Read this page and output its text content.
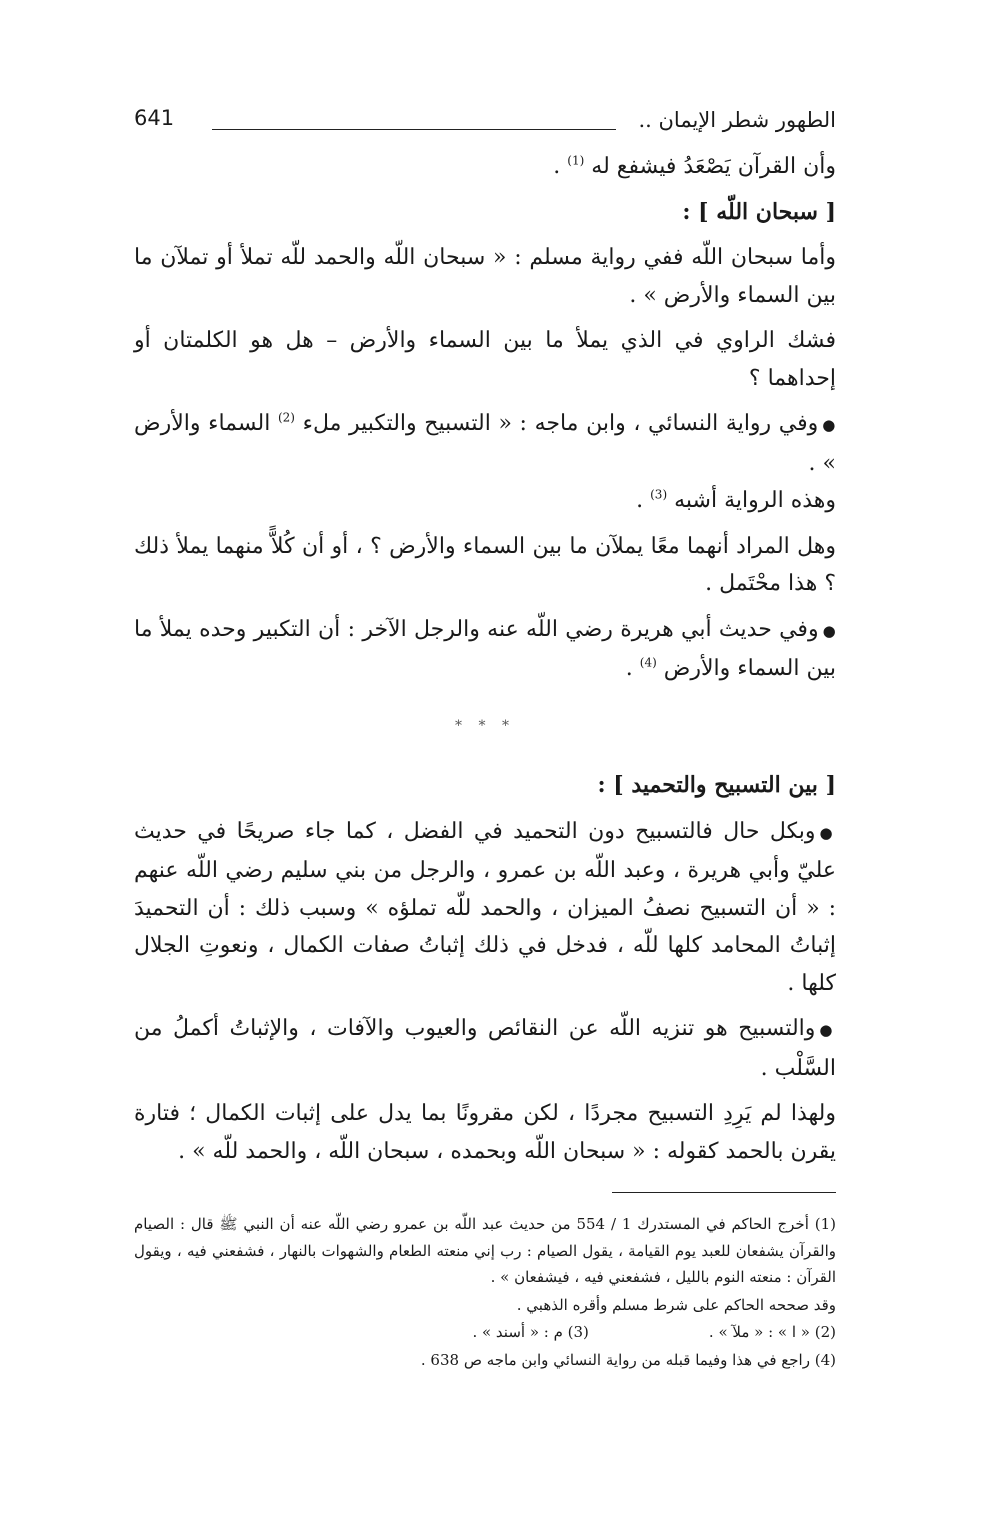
الطهور شطر الإيمان ..
641

وأن القرآن يَصْعَدُ فيشفع له $^{(1)}$ .

[ سبحان اللّه ] :

وأما سبحان اللّه ففي رواية مسلم : « سبحان اللّه والحمد للّه تملأ أو تملآن ما بين السماء والأرض » .

فشك الراوي في الذي يملأ ما بين السماء والأرض – هل هو الكلمتان أو إحداهما ؟

●وفي رواية النسائي ، وابن ماجه : « التسبيح والتكبير ملء $^{(2)}$ السماء والأرض » .

وهذه الرواية أشبه $^{(3)}$ .

وهل المراد أنهما معًا يملآن ما بين السماء والأرض ؟ ، أو أن كُلاًّ منهما يملأ ذلك ؟ هذا محْتَمل .

●وفي حديث أبي هريرة رضي اللّه عنه والرجل الآخر : أن التكبير وحده يملأ ما بين السماء والأرض $^{(4)}$ .

* * *

[ بين التسبيح والتحميد ] :

●وبكل حال فالتسبيح دون التحميد في الفضل ، كما جاء صريحًا في حديث عليّ وأبي هريرة ، وعبد اللّه بن عمرو ، والرجل من بني سليم رضي اللّه عنهم : « أن التسبيح نصفُ الميزان ، والحمد للّه تملؤه » وسبب ذلك : أن التحميدَ إثباتُ المحامد كلها للّه ، فدخل في ذلك إثباتُ صفات الكمال ، ونعوتِ الجلال كلها .

●والتسبيح هو تنزيه اللّه عن النقائص والعيوب والآفات ، والإثباتُ أكملُ من السَّلْب .

ولهذا لم يَرِدِ التسبيح مجردًا ، لكن مقرونًا بما يدل على إثبات الكمال ؛ فتارة يقرن بالحمد كقوله : « سبحان اللّه وبحمده ، سبحان اللّه ، والحمد للّه » .

(1) أخرج الحاكم في المستدرك 1 / 554 من حديث عبد اللّه بن عمرو رضي اللّه عنه أن النبي ﷺ قال : الصيام والقرآن يشفعان للعبد يوم القيامة ، يقول الصيام : رب إني منعته الطعام والشهوات بالنهار ، فشفعني فيه ، ويقول القرآن : منعته النوم بالليل ، فشفعني فيه ، فيشفعان » .

وقد صححه الحاكم على شرط مسلم وأقره الذهبي .

(2) « ا » : « ملآ » .
(3) م : « أسند » .

(4) راجع في هذا وفيما قبله من رواية النسائي وابن ماجه ص 638 .
